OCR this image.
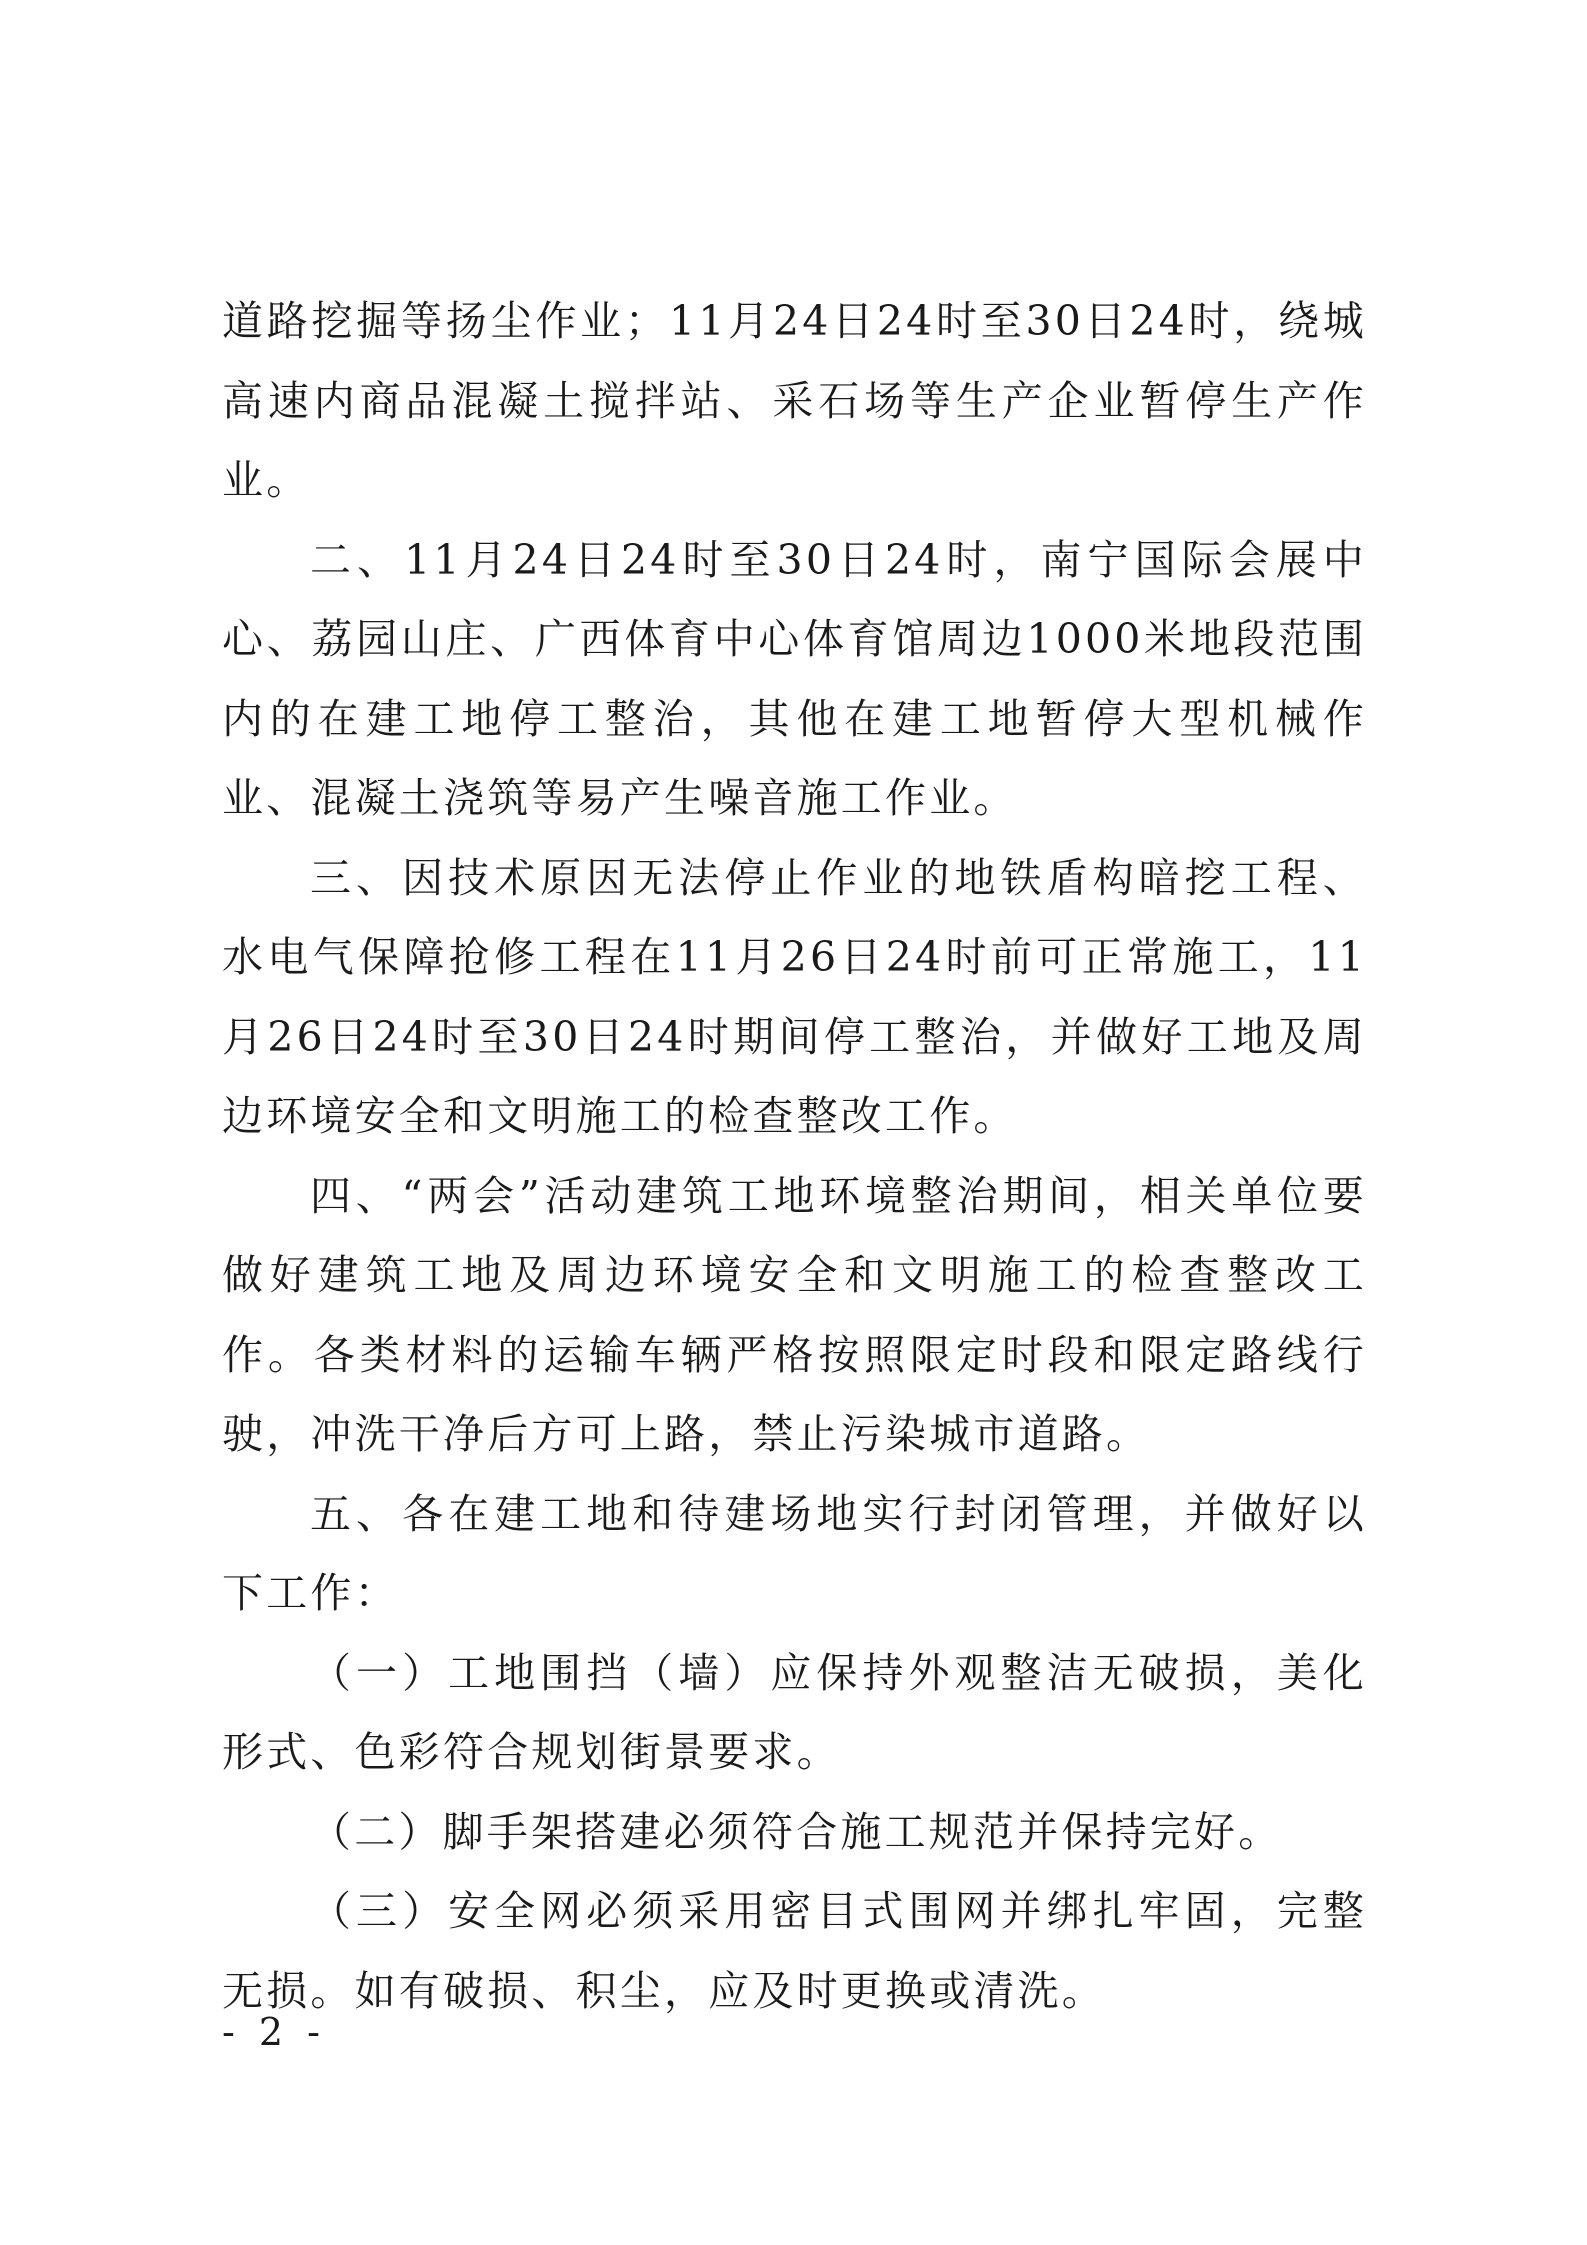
道路挖掘等扬尘作业；11月24日24时至30日24时，绕城高速内商品混凝土搅拌站、采石场等生产企业暂停生产作业。

二、11月24日24时至30日24时，南宁国际会展中心、荔园山庄、广西体育中心体育馆周边1000米地段范围内的在建工地停工整治，其他在建工地暂停大型机械作业、混凝土浇筑等易产生噪音施工作业。

三、因技术原因无法停止作业的地铁盾构暗挖工程、水电气保障抢修工程在11月26日24时前可正常施工，11月26日24时至30日24时期间停工整治，并做好工地及周边环境安全和文明施工的检查整改工作。

四、“两会”活动建筑工地环境整治期间，相关单位要做好建筑工地及周边环境安全和文明施工的检查整改工作。各类材料的运输车辆严格按照限定时段和限定路线行驶，冲洗干净后方可上路，禁止污染城市道路。

五、各在建工地和待建场地实行封闭管理，并做好以下工作：

（一）工地围挡（墙）应保持外观整洁无破损，美化形式、色彩符合规划街景要求。

（二）脚手架搭建必须符合施工规范并保持完好。

（三）安全网必须采用密目式围网并绑扎牢固，完整无损。如有破损、积尘，应及时更换或清洗。

- 2 -
